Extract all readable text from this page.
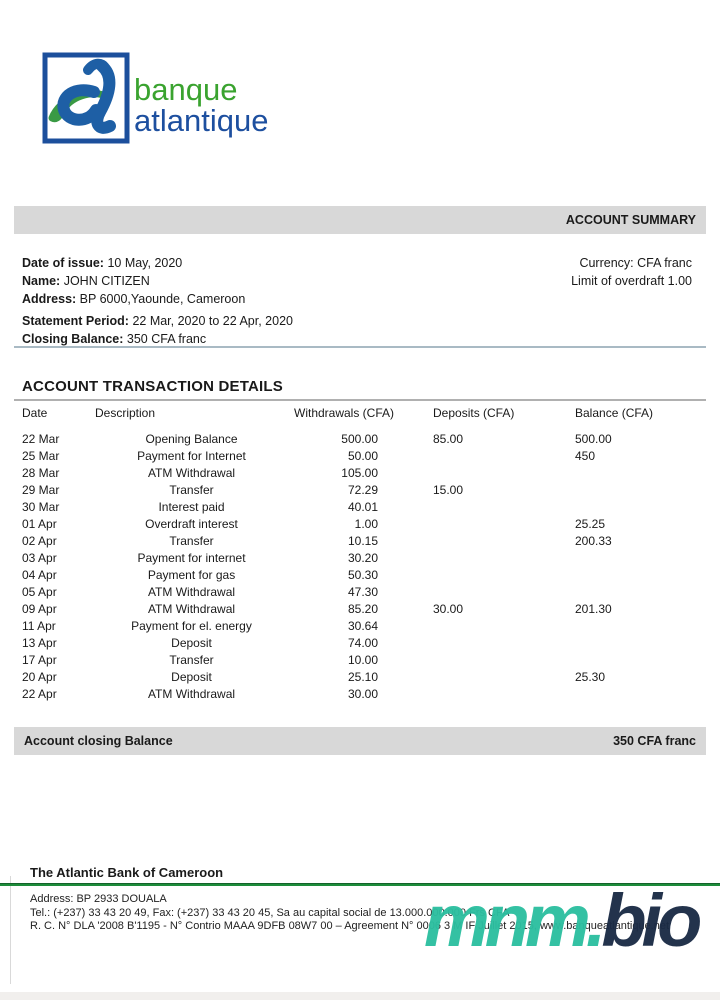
banque
atlantique
ACCOUNT SUMMARY
Date of issue: 10 May, 2020
Name: JOHN CITIZEN
Address: BP 6000,Yaounde, Cameroon
Statement Period: 22 Mar, 2020 to 22 Apr, 2020
Closing Balance: 350 CFA franc
Currency: CFA franc
Limit of overdraft 1.00
ACCOUNT TRANSACTION DETAILS
Date	Description	Withdrawals (CFA)	Deposits (CFA)	Balance (CFA)
22 Mar	Opening Balance	500.00	85.00	500.00
25 Mar	Payment for Internet	50.00		450
28 Mar	ATM Withdrawal	105.00		
29 Mar	Transfer	72.29	15.00	
30 Mar	Interest paid	40.01		
01 Apr	Overdraft interest	1.00		25.25
02 Apr	Transfer	10.15		200.33
03 Apr	Payment for internet	30.20		
04 Apr	Payment for gas	50.30		
05 Apr	ATM Withdrawal	47.30		
09 Apr	ATM Withdrawal	85.20	30.00	201.30
11 Apr	Payment for el. energy	30.64		
13 Apr	Deposit	74.00		
17 Apr	Transfer	10.00		
20 Apr	Deposit	25.10		25.30
22 Apr	ATM Withdrawal	30.00		
Account closing Balance	350 CFA franc
The Atlantic Bank of Cameroon
Address: BP 2933 DOUALA
Tel.: (+237) 33 43 20 49, Fax: (+237) 33 43 20 45, Sa au capital social de 13.000.000.000 Frs CFA
R. C. N° DLA '2008 B'1195 - N° Contrio MAAA 9DFB 08W7 00 – Agreement N° 0006 3 M IF Juillet 2015, www.banqueatlantique.net
mnm.bio
